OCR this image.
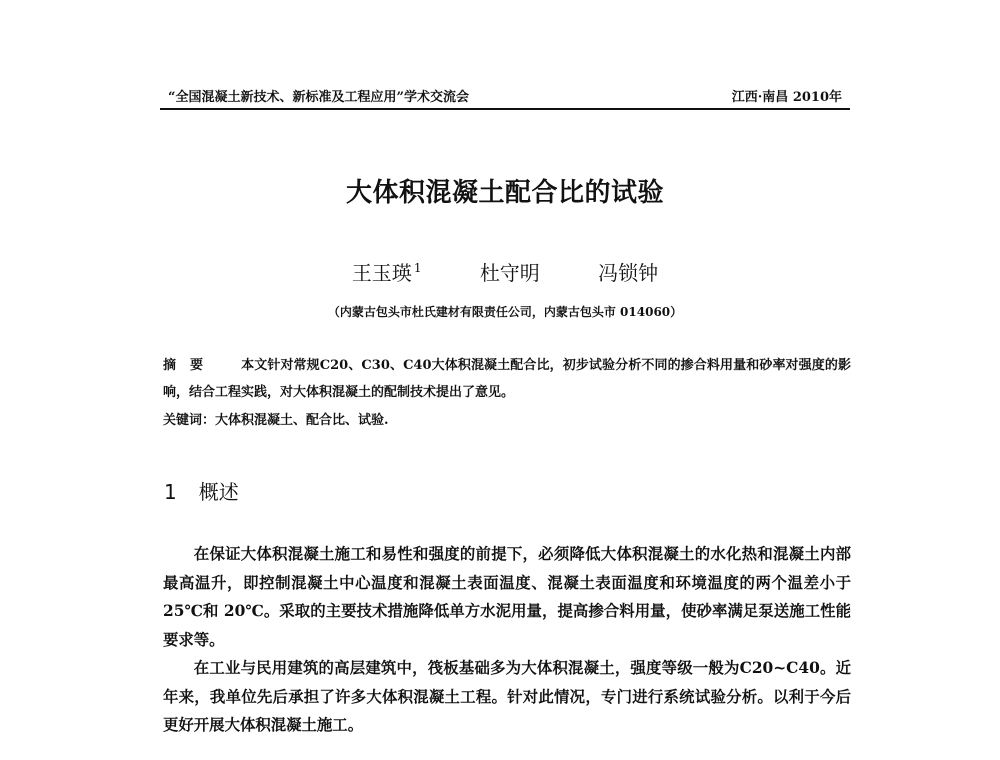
“全国混凝土新技术、新标准及工程应用”学术交流会	江西·南昌 2010年
大体积混凝土配合比的试验
王玉瑛 $^1$	杜守明	冯锁钟
（内蒙古包头市杜氏建材有限责任公司，内蒙古包头市 014060）
摘要 本文针对常规C20、C30、C40大体积混凝土配合比，初步试验分析不同的掺合料用量和砂率对强度的影响，结合工程实践，对大体积混凝土的配制技术提出了意见。
关键词：大体积混凝土、配合比、试验.
1 概述

在保证大体积混凝土施工和易性和强度的前提下，必须降低大体积混凝土的水化热和混凝土内部最高温升，即控制混凝土中心温度和混凝土表面温度、混凝土表面温度和环境温度的两个温差小于 25℃和 20℃。采取的主要技术措施降低单方水泥用量，提高掺合料用量，使砂率满足泵送施工性能要求等。

在工业与民用建筑的高层建筑中，筏板基础多为大体积混凝土，强度等级一般为C20~C40。近年来，我单位先后承担了许多大体积混凝土工程。针对此情况，专门进行系统试验分析。以利于今后更好开展大体积混凝土施工。
